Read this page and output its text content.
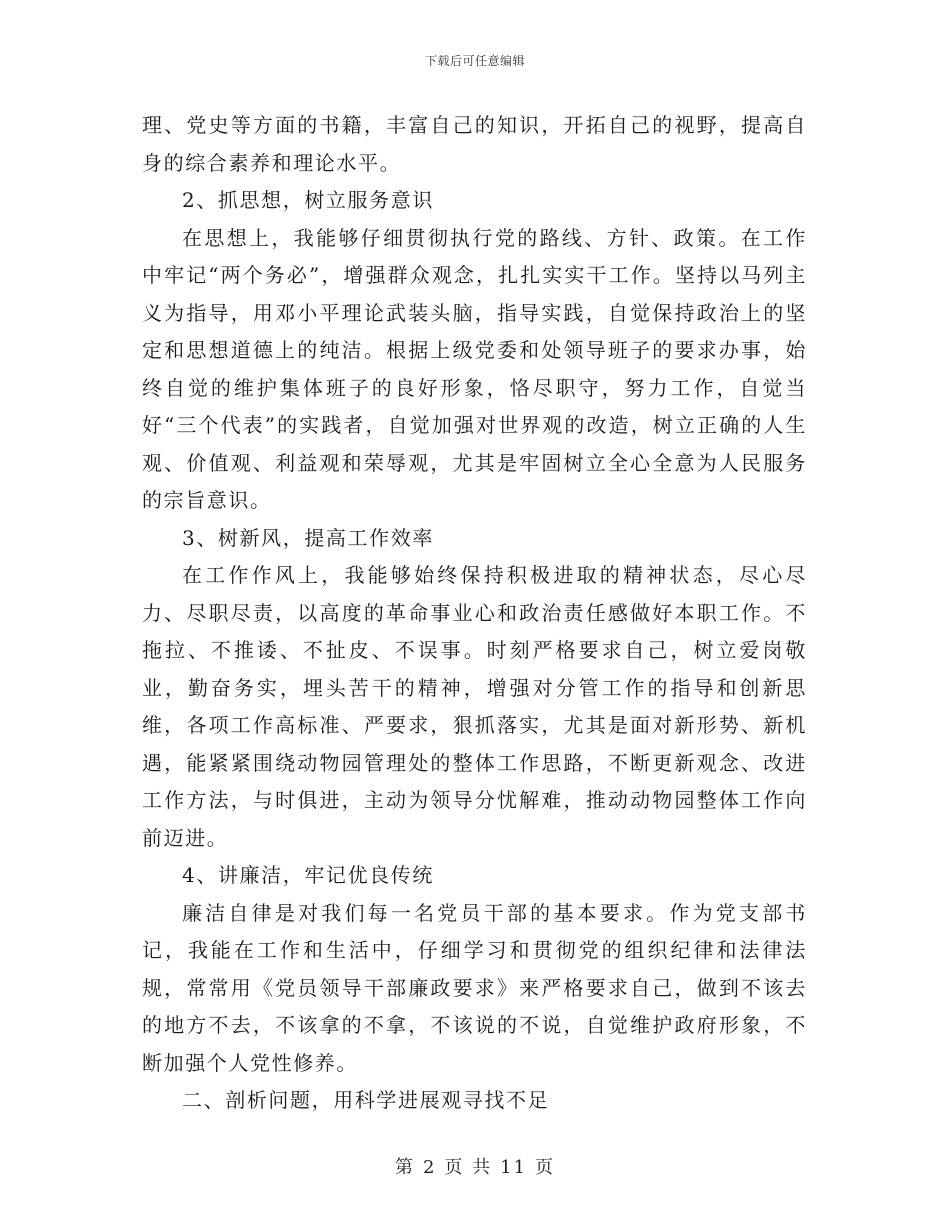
下载后可任意编辑

理、党史等方面的书籍，丰富自己的知识，开拓自己的视野，提高自身的综合素养和理论水平。

2、抓思想，树立服务意识

在思想上，我能够仔细贯彻执行党的路线、方针、政策。在工作中牢记“两个务必”，增强群众观念，扎扎实实干工作。坚持以马列主义为指导，用邓小平理论武装头脑，指导实践，自觉保持政治上的坚定和思想道德上的纯洁。根据上级党委和处领导班子的要求办事，始终自觉的维护集体班子的良好形象，恪尽职守，努力工作，自觉当好“三个代表”的实践者，自觉加强对世界观的改造，树立正确的人生观、价值观、利益观和荣辱观，尤其是牢固树立全心全意为人民服务的宗旨意识。

3、树新风，提高工作效率

在工作作风上，我能够始终保持积极进取的精神状态，尽心尽力、尽职尽责，以高度的革命事业心和政治责任感做好本职工作。不拖拉、不推诿、不扯皮、不误事。时刻严格要求自己，树立爱岗敬业，勤奋务实，埋头苦干的精神，增强对分管工作的指导和创新思维，各项工作高标准、严要求，狠抓落实，尤其是面对新形势、新机遇，能紧紧围绕动物园管理处的整体工作思路，不断更新观念、改进工作方法，与时俱进，主动为领导分忧解难，推动动物园整体工作向前迈进。

4、讲廉洁，牢记优良传统

廉洁自律是对我们每一名党员干部的基本要求。作为党支部书记，我能在工作和生活中，仔细学习和贯彻党的组织纪律和法律法规，常常用《党员领导干部廉政要求》来严格要求自己，做到不该去的地方不去，不该拿的不拿，不该说的不说，自觉维护政府形象，不断加强个人党性修养。

二、剖析问题，用科学进展观寻找不足

第 2 页 共 11 页
